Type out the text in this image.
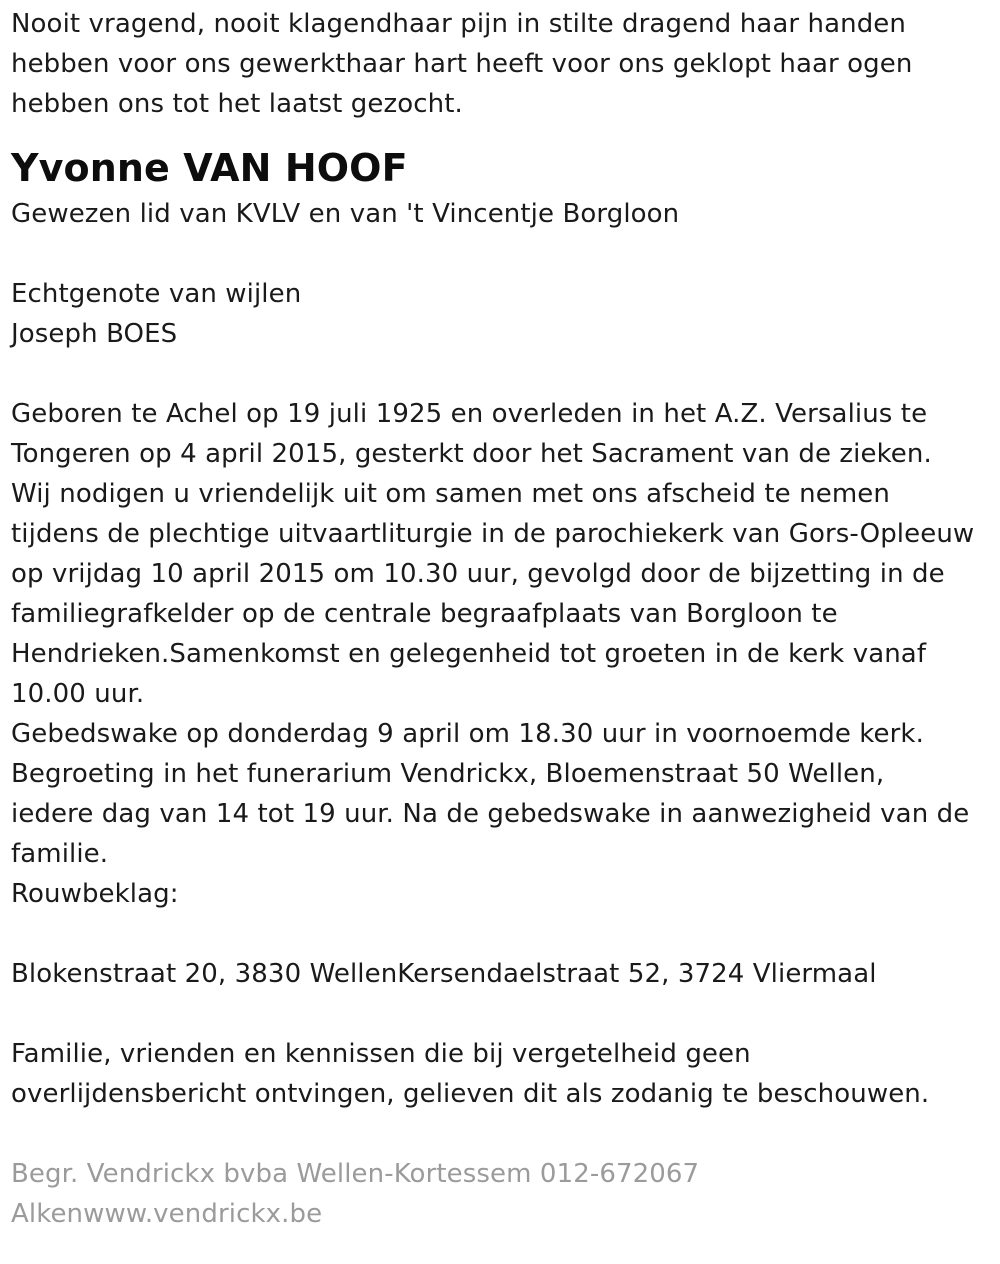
Nooit vragend, nooit klagendhaar pijn in stilte dragend haar handen
hebben voor ons gewerkthaar hart heeft voor ons geklopt haar ogen
hebben ons tot het laatst gezocht.
Yvonne VAN HOOF
Gewezen lid van KVLV en van 't Vincentje Borgloon
Echtgenote van wijlen
Joseph BOES
Geboren te Achel op 19 juli 1925 en overleden in het A.Z. Versalius te
Tongeren op 4 april 2015, gesterkt door het Sacrament van de zieken.
Wij nodigen u vriendelijk uit om samen met ons afscheid te nemen
tijdens de plechtige uitvaartliturgie in de parochiekerk van Gors-Opleeuw
op vrijdag 10 april 2015 om 10.30 uur, gevolgd door de bijzetting in de
familiegrafkelder op de centrale begraafplaats van Borgloon te
Hendrieken.Samenkomst en gelegenheid tot groeten in de kerk vanaf
10.00 uur.
Gebedswake op donderdag 9 april om 18.30 uur in voornoemde kerk.
Begroeting in het funerarium Vendrickx, Bloemenstraat 50 Wellen,
iedere dag van 14 tot 19 uur. Na de gebedswake in aanwezigheid van de
familie.
Rouwbeklag:
Blokenstraat 20, 3830 WellenKersendaelstraat 52, 3724 Vliermaal
Familie, vrienden en kennissen die bij vergetelheid geen
overlijdensbericht ontvingen, gelieven dit als zodanig te beschouwen.
Begr. Vendrickx bvba Wellen-Kortessem 012-672067
Alkenwww.vendrickx.be
